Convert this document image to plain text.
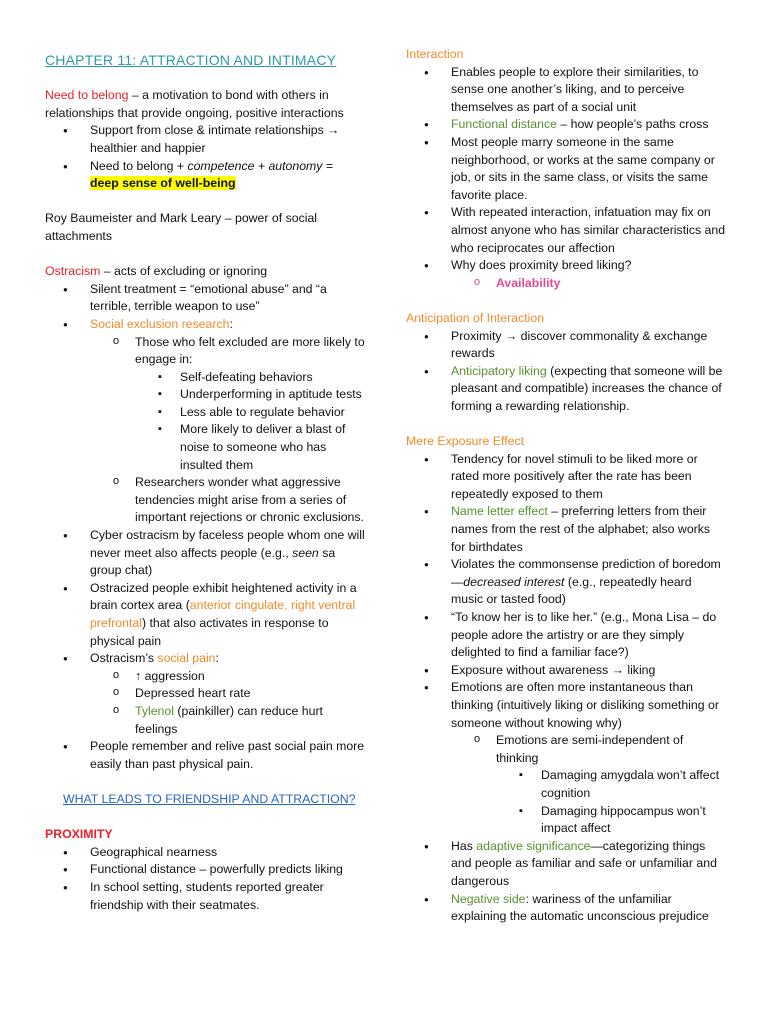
CHAPTER 11: ATTRACTION AND INTIMACY

Need to belong – a motivation to bond with others in relationships that provide ongoing, positive interactions

● Support from close & intimate relationships → healthier and happier
● Need to belong + competence + autonomy = deep sense of well-being

Roy Baumeister and Mark Leary – power of social attachments

Ostracism – acts of excluding or ignoring

● Silent treatment = “emotional abuse” and “a terrible, terrible weapon to use”
● Social exclusion research:
o Those who felt excluded are more likely to engage in:
▪ Self-defeating behaviors
▪ Underperforming in aptitude tests
▪ Less able to regulate behavior
▪ More likely to deliver a blast of noise to someone who has insulted them
o Researchers wonder what aggressive tendencies might arise from a series of important rejections or chronic exclusions.
● Cyber ostracism by faceless people whom one will never meet also affects people (e.g., seen sa group chat)
● Ostracized people exhibit heightened activity in a brain cortex area (anterior cingulate, right ventral prefrontal) that also activates in response to physical pain
● Ostracism’s social pain:
o ↑ aggression
o Depressed heart rate
o Tylenol (painkiller) can reduce hurt feelings
● People remember and relive past social pain more easily than past physical pain.

WHAT LEADS TO FRIENDSHIP AND ATTRACTION?

PROXIMITY

● Geographical nearness
● Functional distance – powerfully predicts liking
● In school setting, students reported greater friendship with their seatmates.

Interaction

● Enables people to explore their similarities, to sense one another’s liking, and to perceive themselves as part of a social unit
● Functional distance – how people’s paths cross
● Most people marry someone in the same neighborhood, or works at the same company or job, or sits in the same class, or visits the same favorite place.
● With repeated interaction, infatuation may fix on almost anyone who has similar characteristics and who reciprocates our affection
● Why does proximity breed liking?
o Availability

Anticipation of Interaction

● Proximity → discover commonality & exchange rewards
● Anticipatory liking (expecting that someone will be pleasant and compatible) increases the chance of forming a rewarding relationship.

Mere Exposure Effect

● Tendency for novel stimuli to be liked more or rated more positively after the rate has been repeatedly exposed to them
● Name letter effect – preferring letters from their names from the rest of the alphabet; also works for birthdates
● Violates the commonsense prediction of boredom—decreased interest (e.g., repeatedly heard music or tasted food)
● “To know her is to like her.” (e.g., Mona Lisa – do people adore the artistry or are they simply delighted to find a familiar face?)
● Exposure without awareness → liking
● Emotions are often more instantaneous than thinking (intuitively liking or disliking something or someone without knowing why)
o Emotions are semi-independent of thinking
▪ Damaging amygdala won’t affect cognition
▪ Damaging hippocampus won’t impact affect
● Has adaptive significance—categorizing things and people as familiar and safe or unfamiliar and dangerous
● Negative side: wariness of the unfamiliar explaining the automatic unconscious prejudice
